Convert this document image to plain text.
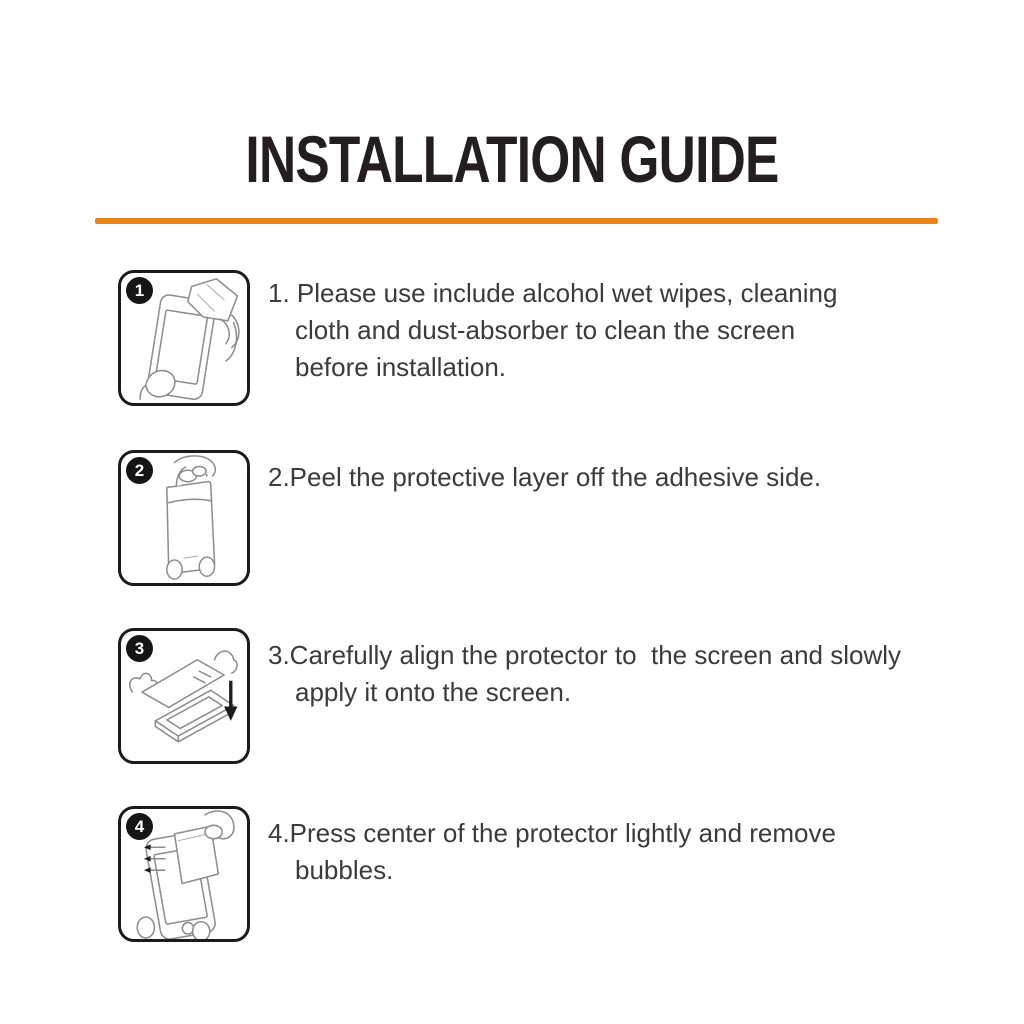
INSTALLATION GUIDE
1	1. Please use include alcohol wet wipes, cleaning
cloth and dust-absorber to clean the screen
before installation.
2	2.Peel the protective layer off the adhesive side.
3	3.Carefully align the protector to  the screen and slowly
apply it onto the screen.
4	4.Press center of the protector lightly and remove
bubbles.
